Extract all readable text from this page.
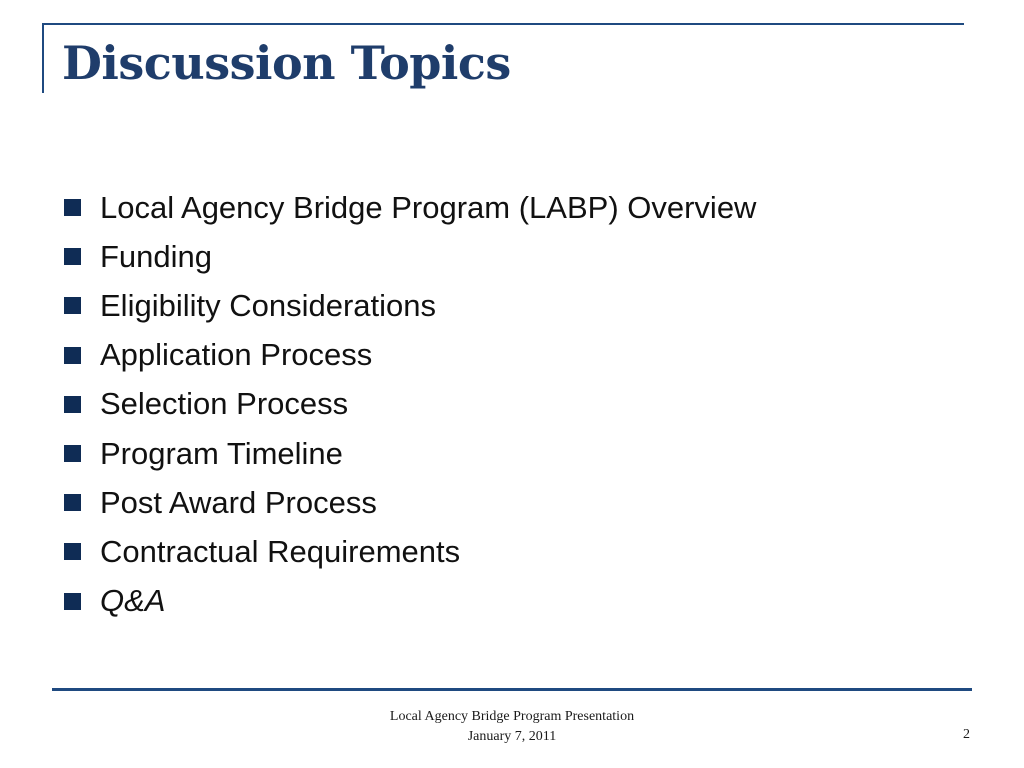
Discussion Topics
Local Agency Bridge Program (LABP) Overview
Funding
Eligibility Considerations
Application Process
Selection Process
Program Timeline
Post Award Process
Contractual Requirements
Q&A
Local Agency Bridge Program Presentation
January 7, 2011	2
